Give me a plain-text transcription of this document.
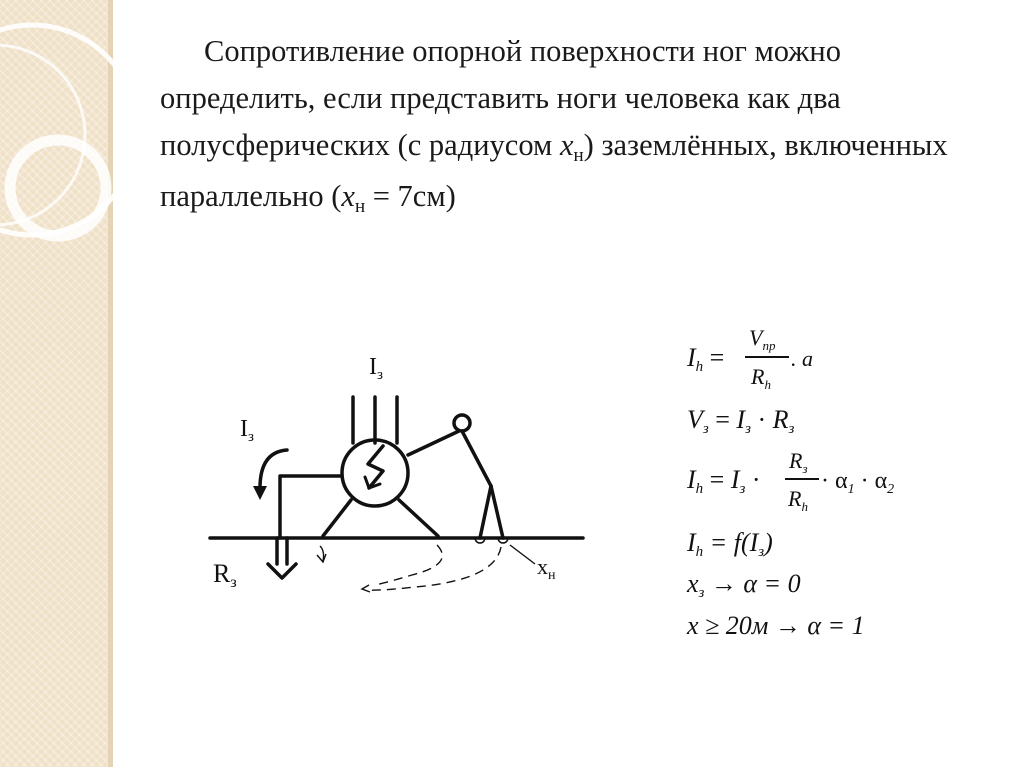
Сопротивление опорной поверхности ног можно определить, если представить ноги человека как два полусферических (с радиусом xн) заземлённых, включенных параллельно (xн = 7см)

$I_з$
$I_з$
Rз
$x_н$
Ih =
$V_{пр}$
$R_h$
. a
Vз = Iз · Rз
Ih = Iз ·
$R_з$
$R_h$
· $\alpha_1 \cdot \alpha_2$
Ih = f(Iз)
xз → α = 0
x ≥ 20м → α = 1
